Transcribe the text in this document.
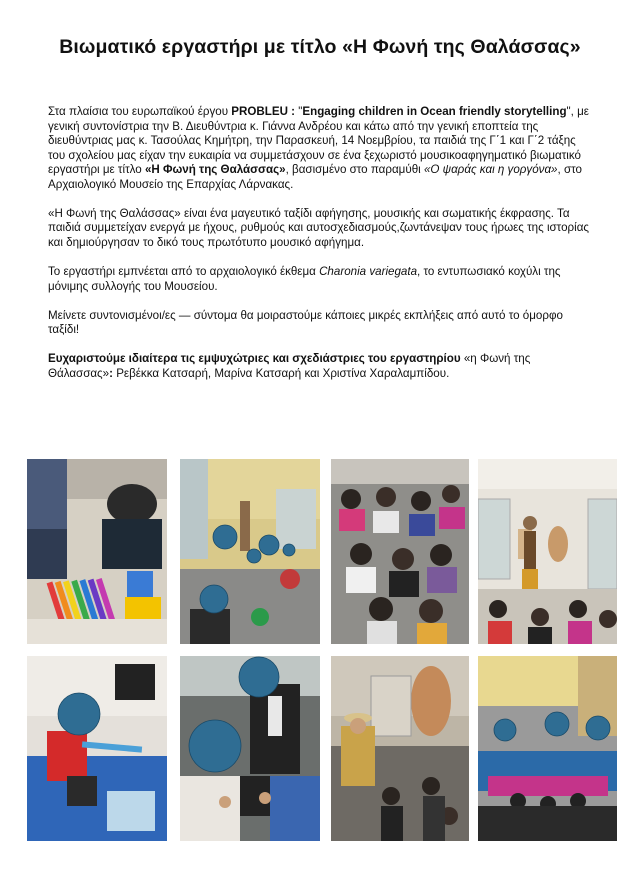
Βιωματικό εργαστήρι με τίτλο «Η Φωνή της Θαλάσσας»

Στα πλαίσια του ευρωπαϊκού έργου PROBLEU : "Engaging children in Ocean friendly storytelling", με γενική συντονίστρια την Β. Διευθύντρια κ. Γιάννα Ανδρέου και κάτω από την γενική εποπτεία της διευθύντριας μας κ. Τασούλας Κημήτρη, την Παρασκευή, 14 Νοεμβρίου, τα παιδιά της Γ΄1 και Γ΄2 τάξης του σχολείου μας είχαν την ευκαιρία να συμμετάσχουν σε ένα ξεχωριστό μουσικοαφηγηματικό βιωματικό εργαστήρι με τίτλο «Η Φωνή της Θαλάσσας», βασισμένο στο παραμύθι «Ο ψαράς και η γοργόνα», στο Αρχαιολογικό Μουσείο της Επαρχίας Λάρνακας.

«Η Φωνή της Θαλάσσας» είναι ένα μαγευτικό ταξίδι αφήγησης, μουσικής και σωματικής έκφρασης. Τα παιδιά συμμετείχαν ενεργά με ήχους, ρυθμούς και αυτοσχεδιασμούς,ζωντάνεψαν τους ήρωες της ιστορίας και δημιούργησαν το δικό τους πρωτότυπο μουσικό αφήγημα.

Το εργαστήρι εμπνέεται από το αρχαιολογικό έκθεμα Charonia variegata, το εντυπωσιακό κοχύλι της μόνιμης συλλογής του Μουσείου.

Μείνετε συντονισμένοι/ες — σύντομα θα μοιραστούμε κάποιες μικρές εκπλήξεις από αυτό το όμορφο ταξίδι!

Ευχαριστούμε ιδιαίτερα τις εμψυχώτριες και σχεδιάστριες του εργαστηρίου «η Φωνή της Θάλασσας»: Ρεβέκκα Κατσαρή, Μαρίνα Κατσαρή και Χριστίνα Χαραλαμπίδου.
